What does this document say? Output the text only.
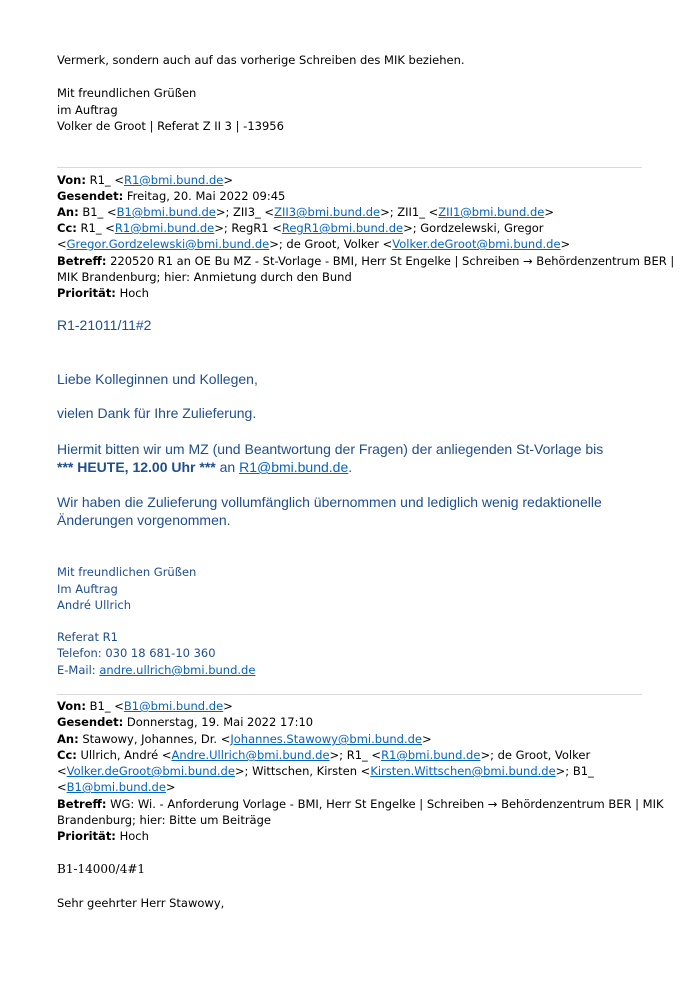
Vermerk, sondern auch auf das vorherige Schreiben des MIK beziehen.
Mit freundlichen Grüßen
im Auftrag
Volker de Groot | Referat Z II 3 | -13956
Von: R1_ <R1@bmi.bund.de>
Gesendet: Freitag, 20. Mai 2022 09:45
An: B1_ <B1@bmi.bund.de>; ZII3_ <ZII3@bmi.bund.de>; ZII1_ <ZII1@bmi.bund.de>
Cc: R1_ <R1@bmi.bund.de>; RegR1 <RegR1@bmi.bund.de>; Gordzelewski, Gregor
<Gregor.Gordzelewski@bmi.bund.de>; de Groot, Volker <Volker.deGroot@bmi.bund.de>
Betreff: 220520 R1 an OE Bu MZ - St-Vorlage - BMI, Herr St Engelke | Schreiben → Behördenzentrum BER |
MIK Brandenburg; hier: Anmietung durch den Bund
Priorität: Hoch
R1-21011/11#2
Liebe Kolleginnen und Kollegen,
vielen Dank für Ihre Zulieferung.
Hiermit bitten wir um MZ (und Beantwortung der Fragen) der anliegenden St-Vorlage bis
*** HEUTE, 12.00 Uhr *** an R1@bmi.bund.de.
Wir haben die Zulieferung vollumfänglich übernommen und lediglich wenig redaktionelle
Änderungen vorgenommen.
Mit freundlichen Grüßen
Im Auftrag
André Ullrich
Referat R1
Telefon: 030 18 681-10 360
E-Mail: andre.ullrich@bmi.bund.de
Von: B1_ <B1@bmi.bund.de>
Gesendet: Donnerstag, 19. Mai 2022 17:10
An: Stawowy, Johannes, Dr. <Johannes.Stawowy@bmi.bund.de>
Cc: Ullrich, André <Andre.Ullrich@bmi.bund.de>; R1_ <R1@bmi.bund.de>; de Groot, Volker
<Volker.deGroot@bmi.bund.de>; Wittschen, Kirsten <Kirsten.Wittschen@bmi.bund.de>; B1_
<B1@bmi.bund.de>
Betreff: WG: Wi. - Anforderung Vorlage - BMI, Herr St Engelke | Schreiben → Behördenzentrum BER | MIK
Brandenburg; hier: Bitte um Beiträge
Priorität: Hoch
B1-14000/4#1
Sehr geehrter Herr Stawowy,
